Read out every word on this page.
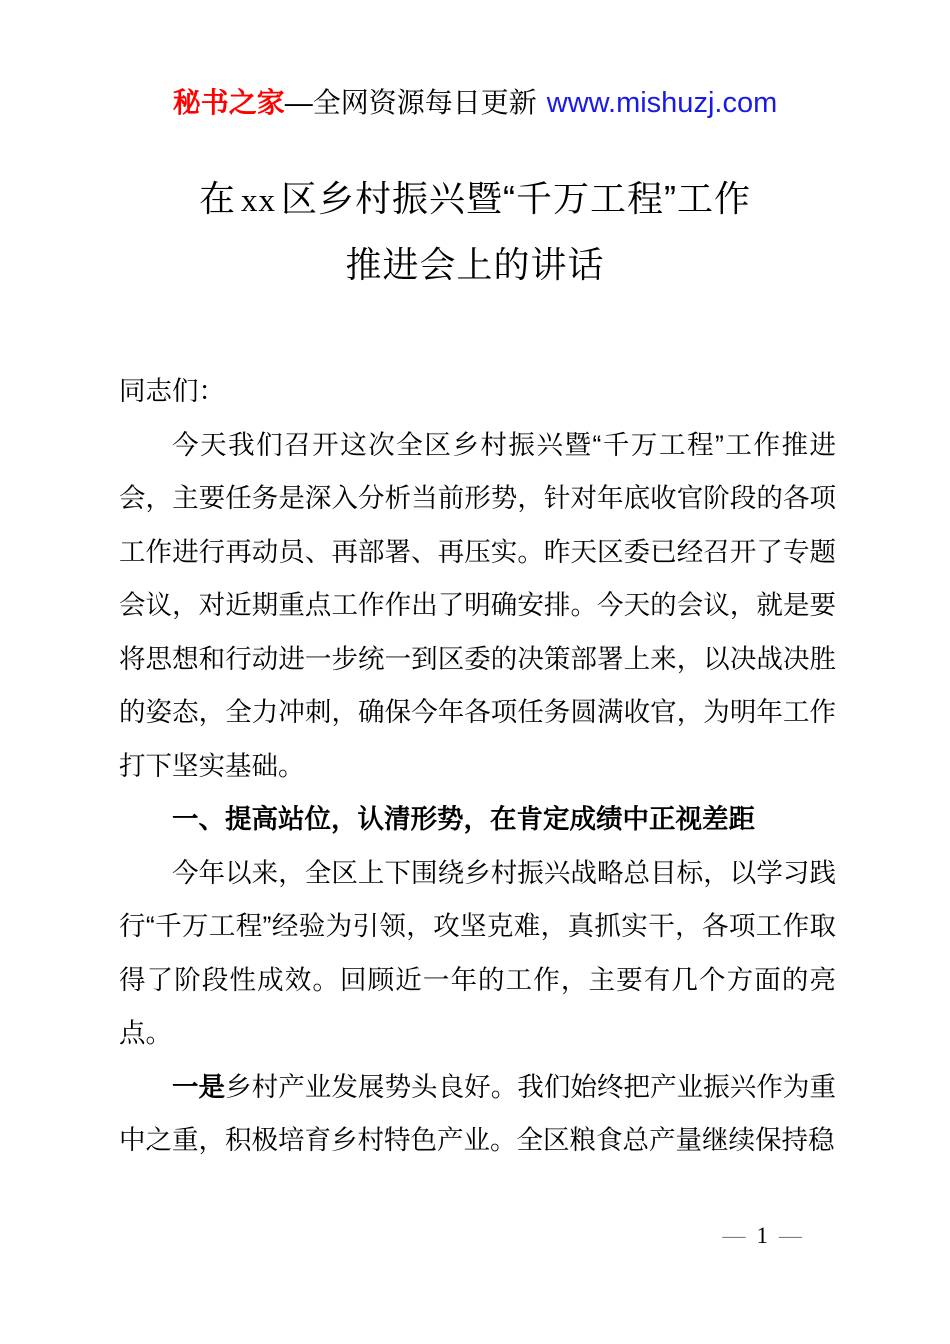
秘书之家—全网资源每日更新 www.mishuzj.com
在 xx 区乡村振兴暨“千万工程”工作
推进会上的讲话

同志们：

今天我们召开这次全区乡村振兴暨“千万工程”工作推进会，主要任务是深入分析当前形势，针对年底收官阶段的各项工作进行再动员、再部署、再压实。昨天区委已经召开了专题会议，对近期重点工作作出了明确安排。今天的会议，就是要将思想和行动进一步统一到区委的决策部署上来，以决战决胜的姿态，全力冲刺，确保今年各项任务圆满收官，为明年工作打下坚实基础。

一、提高站位，认清形势，在肯定成绩中正视差距

今年以来，全区上下围绕乡村振兴战略总目标，以学习践行“千万工程”经验为引领，攻坚克难，真抓实干，各项工作取得了阶段性成效。回顾近一年的工作，主要有几个方面的亮点。

一是乡村产业发展势头良好。我们始终把产业振兴作为重中之重，积极培育乡村特色产业。全区粮食总产量继续保持稳

— 1 —
